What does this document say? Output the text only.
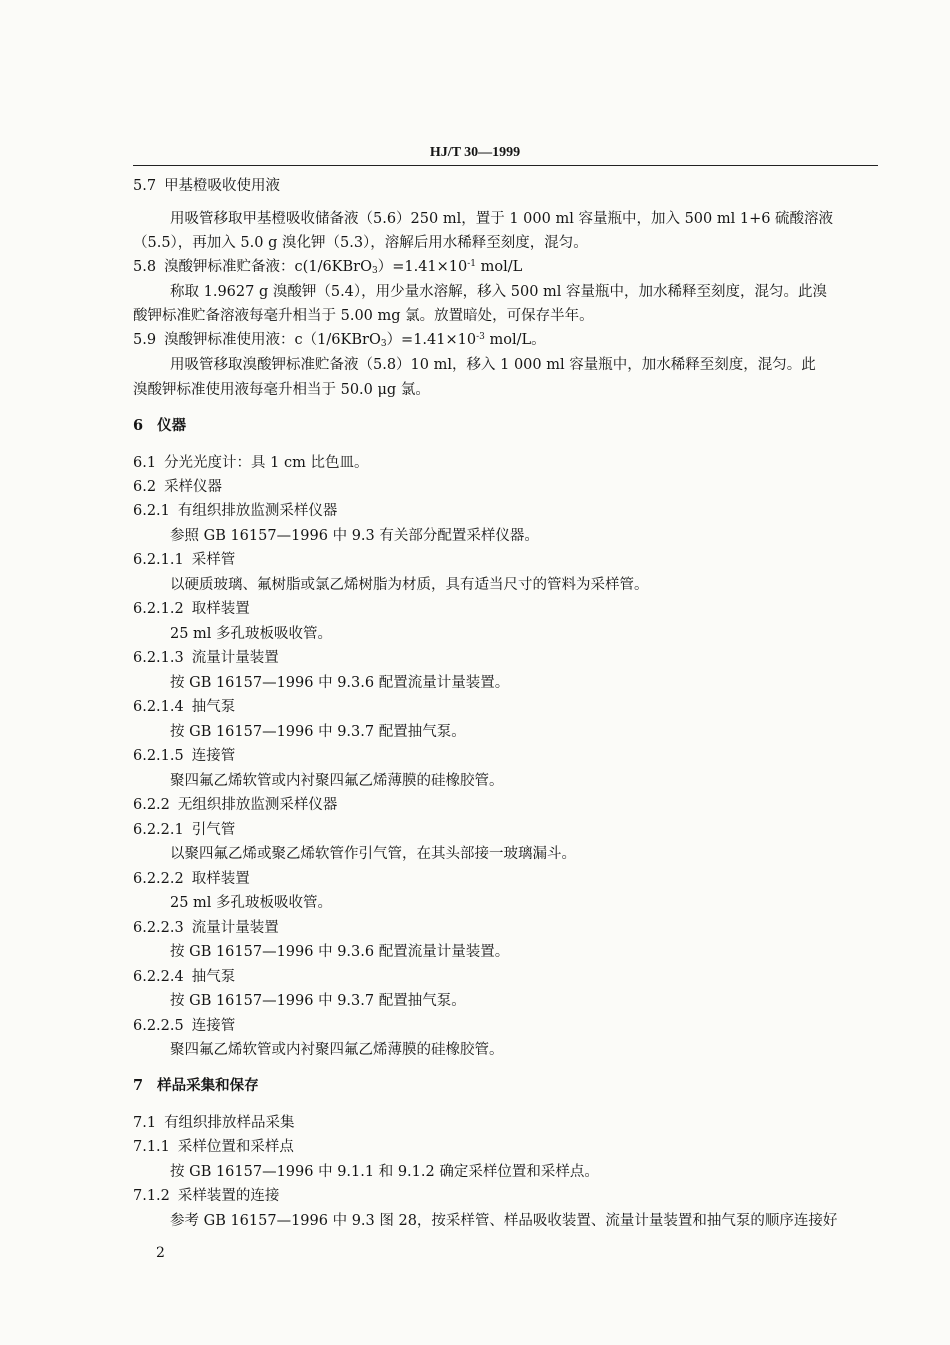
HJ/T 30—1999
5.7 甲基橙吸收使用液
用吸管移取甲基橙吸收储备液（5.6）250 ml，置于 1 000 ml 容量瓶中，加入 500 ml 1+6 硫酸溶液
（5.5），再加入 5.0 g 溴化钾（5.3），溶解后用水稀释至刻度，混匀。
5.8 溴酸钾标准贮备液：$c(1/6KBrO_3)=1.41\times 10^{-1}$ mol/L
称取 1.9627 g 溴酸钾（5.4），用少量水溶解，移入 500 ml 容量瓶中，加水稀释至刻度，混匀。此溴
酸钾标准贮备溶液每毫升相当于 5.00 mg 氯。放置暗处，可保存半年。
5.9 溴酸钾标准使用液：$c(1/6KBrO_3)=1.41\times 10^{-3}$ mol/L。
用吸管移取溴酸钾标准贮备液（5.8）10 ml，移入 1 000 ml 容量瓶中，加水稀释至刻度，混匀。此
溴酸钾标准使用液每毫升相当于 50.0 μg 氯。
6 仪器
6.1 分光光度计：具 1 cm 比色皿。
6.2 采样仪器
6.2.1 有组织排放监测采样仪器
参照 GB 16157—1996 中 9.3 有关部分配置采样仪器。
6.2.1.1 采样管
以硬质玻璃、氟树脂或氯乙烯树脂为材质，具有适当尺寸的管料为采样管。
6.2.1.2 取样装置
25 ml 多孔玻板吸收管。
6.2.1.3 流量计量装置
按 GB 16157—1996 中 9.3.6 配置流量计量装置。
6.2.1.4 抽气泵
按 GB 16157—1996 中 9.3.7 配置抽气泵。
6.2.1.5 连接管
聚四氟乙烯软管或内衬聚四氟乙烯薄膜的硅橡胶管。
6.2.2 无组织排放监测采样仪器
6.2.2.1 引气管
以聚四氟乙烯或聚乙烯软管作引气管，在其头部接一玻璃漏斗。
6.2.2.2 取样装置
25 ml 多孔玻板吸收管。
6.2.2.3 流量计量装置
按 GB 16157—1996 中 9.3.6 配置流量计量装置。
6.2.2.4 抽气泵
按 GB 16157—1996 中 9.3.7 配置抽气泵。
6.2.2.5 连接管
聚四氟乙烯软管或内衬聚四氟乙烯薄膜的硅橡胶管。
7 样品采集和保存
7.1 有组织排放样品采集
7.1.1 采样位置和采样点
按 GB 16157—1996 中 9.1.1 和 9.1.2 确定采样位置和采样点。
7.1.2 采样装置的连接
参考 GB 16157—1996 中 9.3 图 28，按采样管、样品吸收装置、流量计量装置和抽气泵的顺序连接好
2
